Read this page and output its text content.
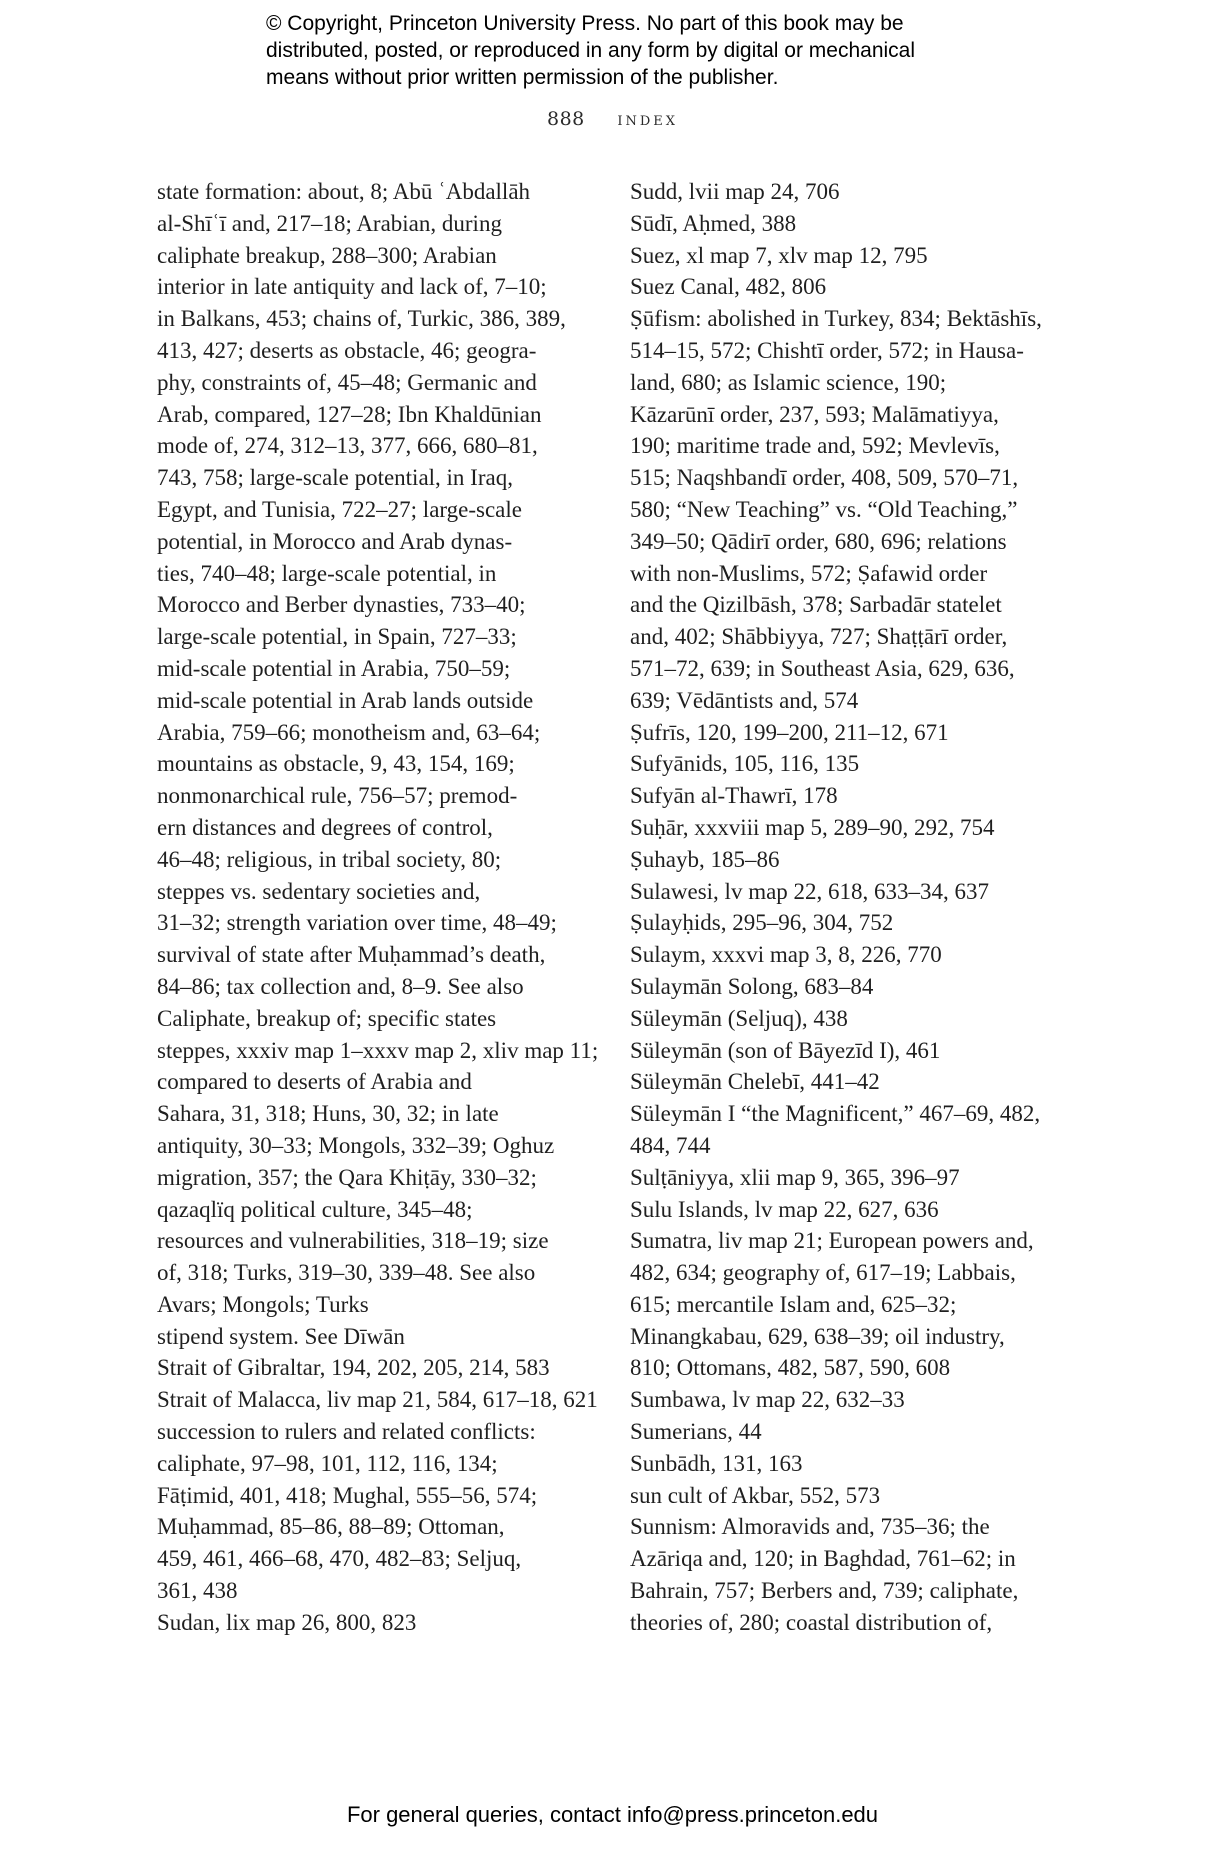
© Copyright, Princeton University Press. No part of this book may be
distributed, posted, or reproduced in any form by digital or mechanical
means without prior written permission of the publisher.
888 index
state formation: about, 8; Abū ʿAbdallāh
al-Shīʿī and, 217–18; Arabian, during
caliphate breakup, 288–300; Arabian
interior in late antiquity and lack of, 7–10;
in Balkans, 453; chains of, Turkic, 386, 389,
413, 427; deserts as obstacle, 46; geogra-
phy, constraints of, 45–48; Germanic and
Arab, compared, 127–28; Ibn Khaldūnian
mode of, 274, 312–13, 377, 666, 680–81,
743, 758; large-scale potential, in Iraq,
Egypt, and Tunisia, 722–27; large-scale
potential, in Morocco and Arab dynas-
ties, 740–48; large-scale potential, in
Morocco and Berber dynasties, 733–40;
large-scale potential, in Spain, 727–33;
mid-scale potential in Arabia, 750–59;
mid-scale potential in Arab lands outside
Arabia, 759–66; monotheism and, 63–64;
mountains as obstacle, 9, 43, 154, 169;
nonmonarchical rule, 756–57; premod-
ern distances and degrees of control,
46–48; religious, in tribal society, 80;
steppes vs. sedentary societies and,
31–32; strength variation over time, 48–49;
survival of state after Muḥammad’s death,
84–86; tax collection and, 8–9. See also
Caliphate, breakup of; specific states
steppes, xxxiv map 1–xxxv map 2, xliv map 11;
compared to deserts of Arabia and
Sahara, 31, 318; Huns, 30, 32; in late
antiquity, 30–33; Mongols, 332–39; Oghuz
migration, 357; the Qara Khiṭāy, 330–32;
qazaqlïq political culture, 345–48;
resources and vulnerabilities, 318–19; size
of, 318; Turks, 319–30, 339–48. See also
Avars; Mongols; Turks
stipend system. See Dīwān
Strait of Gibraltar, 194, 202, 205, 214, 583
Strait of Malacca, liv map 21, 584, 617–18, 621
succession to rulers and related conflicts:
caliphate, 97–98, 101, 112, 116, 134;
Fāṭimid, 401, 418; Mughal, 555–56, 574;
Muḥammad, 85–86, 88–89; Ottoman,
459, 461, 466–68, 470, 482–83; Seljuq,
361, 438
Sudan, lix map 26, 800, 823
Sudd, lvii map 24, 706
Sūdī, Aḥmed, 388
Suez, xl map 7, xlv map 12, 795
Suez Canal, 482, 806
Ṣūfism: abolished in Turkey, 834; Bektāshīs,
514–15, 572; Chishtī order, 572; in Hausa-
land, 680; as Islamic science, 190;
Kāzarūnī order, 237, 593; Malāmatiyya,
190; maritime trade and, 592; Mevlevīs,
515; Naqshbandī order, 408, 509, 570–71,
580; “New Teaching” vs. “Old Teaching,”
349–50; Qādirī order, 680, 696; relations
with non-Muslims, 572; Ṣafawid order
and the Qizilbāsh, 378; Sarbadār statelet
and, 402; Shābbiyya, 727; Shaṭṭārī order,
571–72, 639; in Southeast Asia, 629, 636,
639; Vēdāntists and, 574
Ṣufrīs, 120, 199–200, 211–12, 671
Sufyānids, 105, 116, 135
Sufyān al-Thawrī, 178
Suḥār, xxxviii map 5, 289–90, 292, 754
Ṣuhayb, 185–86
Sulawesi, lv map 22, 618, 633–34, 637
Ṣulayḥids, 295–96, 304, 752
Sulaym, xxxvi map 3, 8, 226, 770
Sulaymān Solong, 683–84
Süleymān (Seljuq), 438
Süleymān (son of Bāyezīd I), 461
Süleymān Chelebī, 441–42
Süleymān I “the Magnificent,” 467–69, 482,
484, 744
Sulṭāniyya, xlii map 9, 365, 396–97
Sulu Islands, lv map 22, 627, 636
Sumatra, liv map 21; European powers and,
482, 634; geography of, 617–19; Labbais,
615; mercantile Islam and, 625–32;
Minangkabau, 629, 638–39; oil industry,
810; Ottomans, 482, 587, 590, 608
Sumbawa, lv map 22, 632–33
Sumerians, 44
Sunbādh, 131, 163
sun cult of Akbar, 552, 573
Sunnism: Almoravids and, 735–36; the
Azāriqa and, 120; in Baghdad, 761–62; in
Bahrain, 757; Berbers and, 739; caliphate,
theories of, 280; coastal distribution of,
For general queries, contact info@press.princeton.edu
